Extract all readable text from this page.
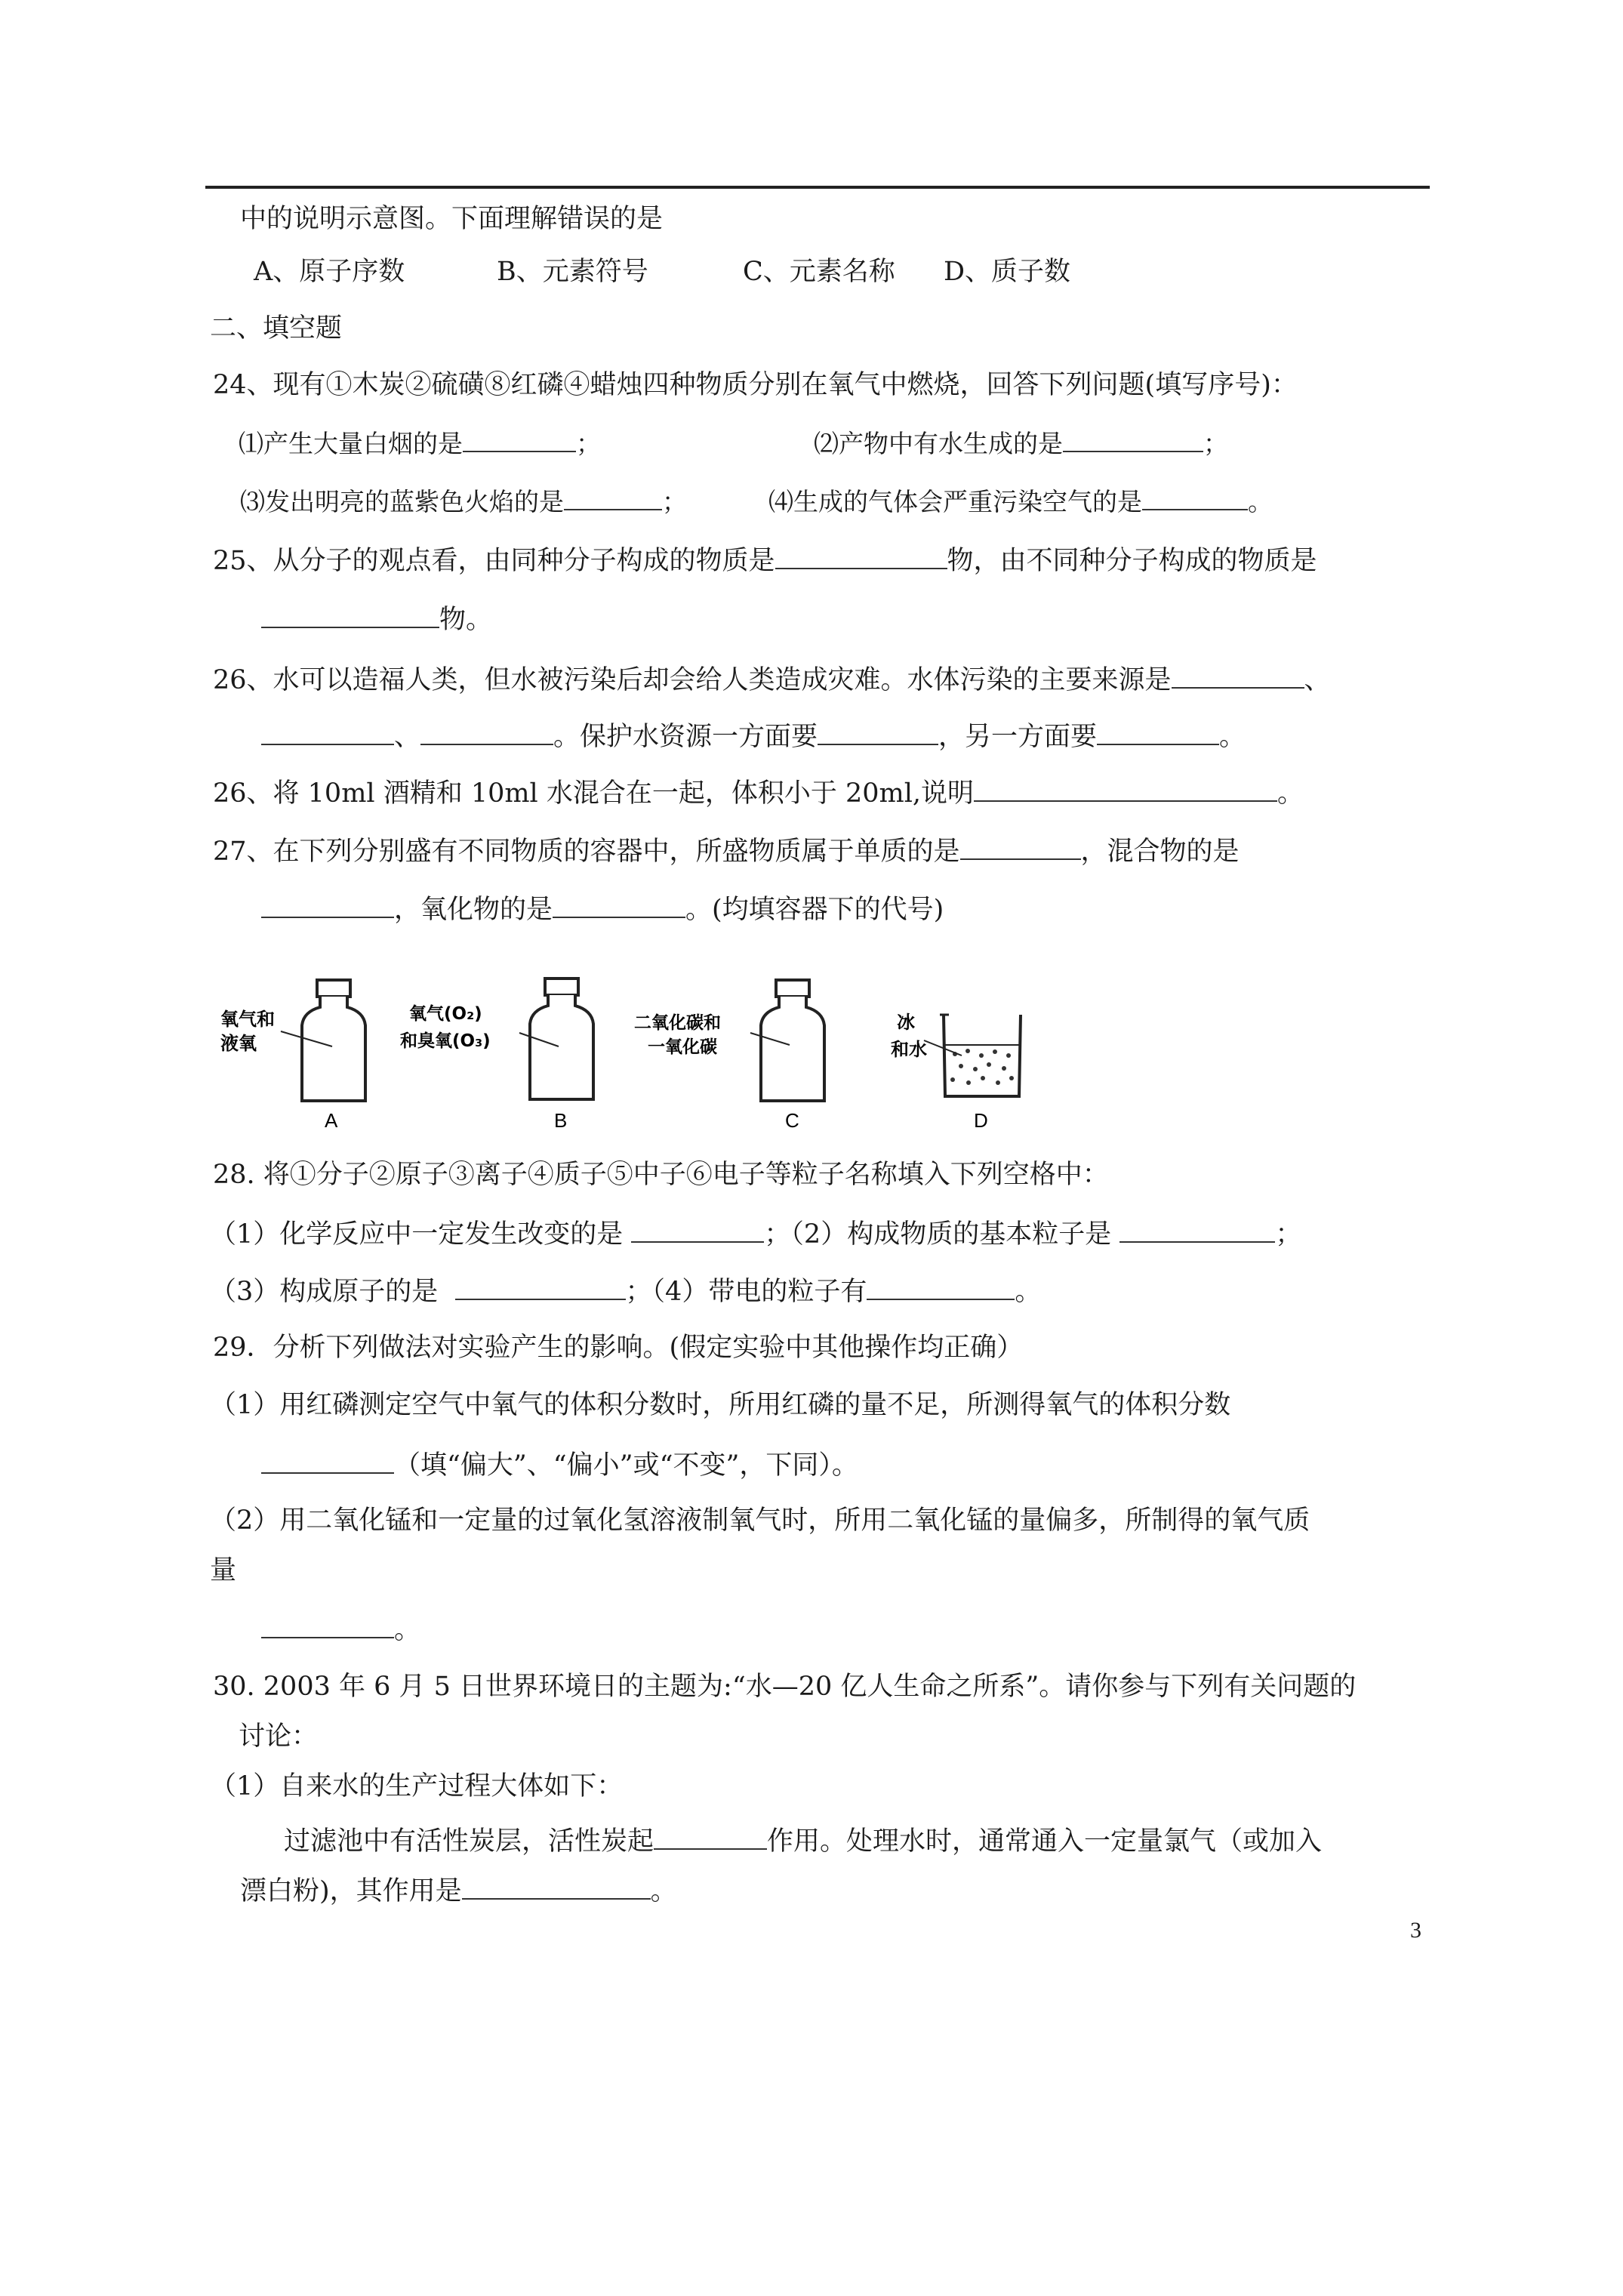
中的说明示意图。下面理解错误的是
A、原子序数	B、元素符号	C、元素名称 D、质子数
二、填空题
24、现有①木炭②硫磺⑧红磷④蜡烛四种物质分别在氧气中燃烧，回答下列问题(填写序号)：
⑴产生大量白烟的是	；	⑵产物中有水生成的是	；
⑶发出明亮的蓝紫色火焰的是	；	⑷生成的气体会严重污染空气的是	。
25、从分子的观点看，由同种分子构成的物质是	物，由不同种分子构成的物质是
物。
26、水可以造福人类，但水被污染后却会给人类造成灾难。水体污染的主要来源是	、
、	。保护水资源一方面要	，另一方面要	。
26、将 10ml 酒精和 10ml 水混合在一起，体积小于 20ml,说明	。
27、在下列分别盛有不同物质的容器中，所盛物质属于单质的是	，混合物的是
，氧化物的是	。(均填容器下的代号)
氧气和
液氧
A
氧气(O₂)
和臭氧(O₃)
B
二氧化碳和
一氧化碳
C
冰
和水
D
28. 将①分子②原子③离子④质子⑤中子⑥电子等粒子名称填入下列空格中：
（1）化学反应中一定发生改变的是	；（2）构成物质的基本粒子是	；
（3）构成原子的是	；（4）带电的粒子有	。
29．分析下列做法对实验产生的影响。(假定实验中其他操作均正确）
（1）用红磷测定空气中氧气的体积分数时，所用红磷的量不足，所测得氧气的体积分数
（填“偏大”、“偏小”或“不变”，下同）。
（2）用二氧化锰和一定量的过氧化氢溶液制氧气时，所用二氧化锰的量偏多，所制得的氧气质
量
。
30. 2003 年 6 月 5 日世界环境日的主题为:“水—20 亿人生命之所系”。请你参与下列有关问题的
讨论：
（1）自来水的生产过程大体如下：
过滤池中有活性炭层，活性炭起	作用。处理水时，通常通入一定量氯气（或加入
漂白粉)，其作用是	。
3
